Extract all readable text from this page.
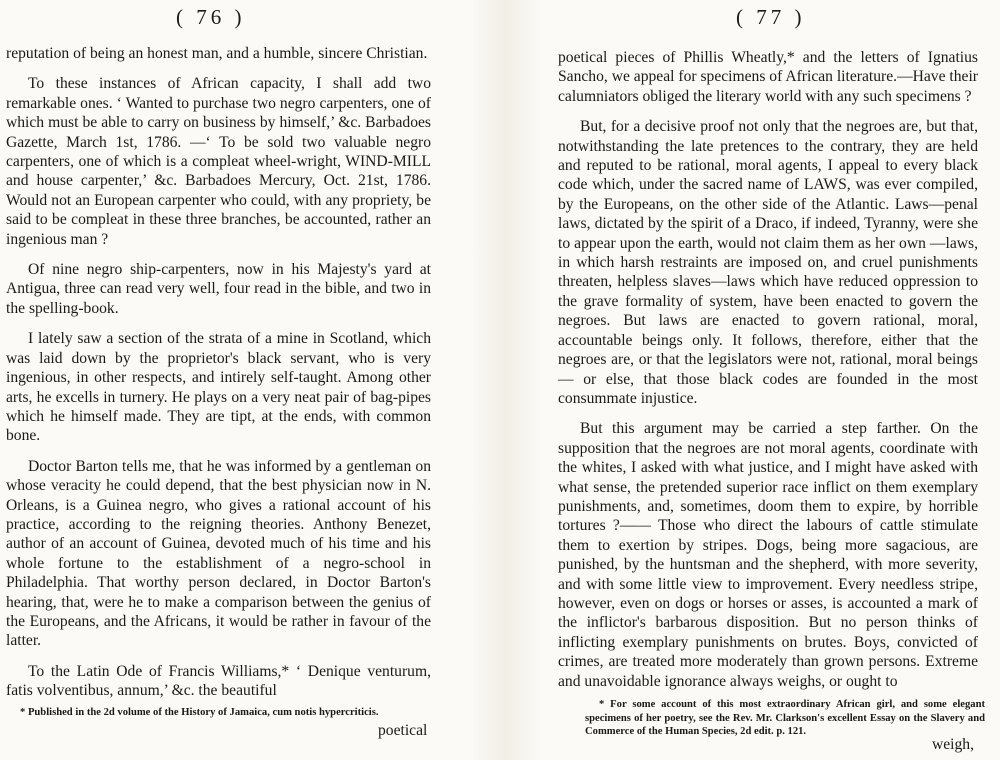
( 76 )

reputation of being an honest man, and a humble, sincere Christian.

To these instances of African capacity, I shall add two remarkable ones. ‘ Wanted to purchase two negro carpenters, one of which must be able to carry on business by himself,’ &c. Barbadoes Gazette, March 1st, 1786. —‘ To be sold two valuable negro carpenters, one of which is a compleat wheel-wright, WIND-MILL and house carpenter,’ &c. Barbadoes Mercury, Oct. 21st, 1786. Would not an European carpenter who could, with any propriety, be said to be compleat in these three branches, be accounted, rather an ingenious man ?

Of nine negro ship-carpenters, now in his Majesty's yard at Antigua, three can read very well, four read in the bible, and two in the spelling-book.

I lately saw a section of the strata of a mine in Scotland, which was laid down by the proprietor's black servant, who is very ingenious, in other respects, and intirely self-taught. Among other arts, he excells in turnery. He plays on a very neat pair of bag-pipes which he himself made. They are tipt, at the ends, with common bone.

Doctor Barton tells me, that he was informed by a gentleman on whose veracity he could depend, that the best physician now in N. Orleans, is a Guinea negro, who gives a rational account of his practice, according to the reigning theories. Anthony Benezet, author of an account of Guinea, devoted much of his time and his whole fortune to the establishment of a negro-school in Philadelphia. That worthy person declared, in Doctor Barton's hearing, that, were he to make a comparison between the genius of the Europeans, and the Africans, it would be rather in favour of the latter.

To the Latin Ode of Francis Williams,* ‘ Denique venturum, fatis volventibus, annum,’ &c. the beautiful

* Published in the 2d volume of the History of Jamaica, cum notis hypercriticis.

poetical
( 77 )

poetical pieces of Phillis Wheatly,* and the letters of Ignatius Sancho, we appeal for specimens of African literature.—Have their calumniators obliged the literary world with any such specimens ?

But, for a decisive proof not only that the negroes are, but that, notwithstanding the late pretences to the contrary, they are held and reputed to be rational, moral agents, I appeal to every black code which, under the sacred name of LAWS, was ever compiled, by the Europeans, on the other side of the Atlantic. Laws—penal laws, dictated by the spirit of a Draco, if indeed, Tyranny, were she to appear upon the earth, would not claim them as her own —laws, in which harsh restraints are imposed on, and cruel punishments threaten, helpless slaves—laws which have reduced oppression to the grave formality of system, have been enacted to govern the negroes. But laws are enacted to govern rational, moral, accountable beings only. It follows, therefore, either that the negroes are, or that the legislators were not, rational, moral beings— or else, that those black codes are founded in the most consummate injustice.

But this argument may be carried a step farther. On the supposition that the negroes are not moral agents, coordinate with the whites, I asked with what justice, and I might have asked with what sense, the pretended superior race inflict on them exemplary punishments, and, sometimes, doom them to expire, by horrible tortures ?—— Those who direct the labours of cattle stimulate them to exertion by stripes. Dogs, being more sagacious, are punished, by the huntsman and the shepherd, with more severity, and with some little view to improvement. Every needless stripe, however, even on dogs or horses or asses, is accounted a mark of the inflictor's barbarous disposition. But no person thinks of inflicting exemplary punishments on brutes. Boys, convicted of crimes, are treated more moderately than grown persons. Extreme and unavoidable ignorance always weighs, or ought to

* For some account of this most extraordinary African girl, and some elegant specimens of her poetry, see the Rev. Mr. Clarkson's excellent Essay on the Slavery and Commerce of the Human Species, 2d edit. p. 121.

weigh,
